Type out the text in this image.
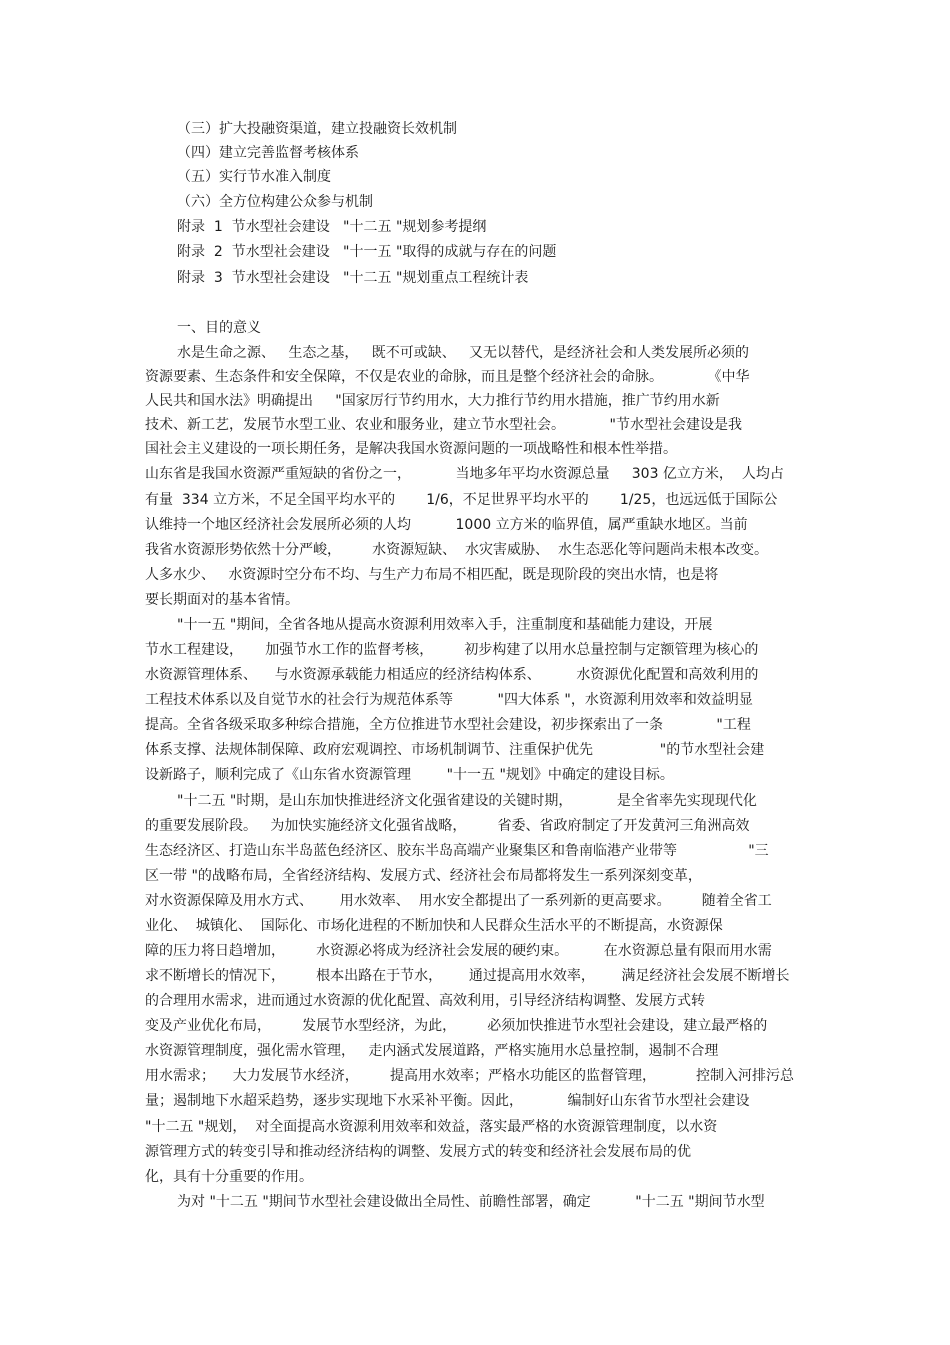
（三）扩大投融资渠道，建立投融资长效机制
（四）建立完善监督考核体系
（五）实行节水准入制度
（六）全方位构建公众参与机制
附录  1  节水型社会建设   "十二五 "规划参考提纲
附录  2  节水型社会建设   "十一五 "取得的成就与存在的问题
附录  3  节水型社会建设   "十二五 "规划重点工程统计表
一、目的意义
水是生命之源、   生态之基，   既不可或缺、   又无以替代，是经济社会和人类发展所必须的
资源要素、生态条件和安全保障，不仅是农业的命脉，而且是整个经济社会的命脉。          《中华
人民共和国水法》明确提出     "国家厉行节约用水，大力推行节约用水措施，推广节约用水新
技术、新工艺，发展节水型工业、农业和服务业，建立节水型社会。          "节水型社会建设是我
国社会主义建设的一项长期任务，是解决我国水资源问题的一项战略性和根本性举措。
山东省是我国水资源严重短缺的省份之一，          当地多年平均水资源总量     303 亿立方米，  人均占
有量  334 立方米，不足全国平均水平的       1/6，不足世界平均水平的       1/25，也远远低于国际公
认维持一个地区经济社会发展所必须的人均          1000 立方米的临界值，属严重缺水地区。当前
我省水资源形势依然十分严峻，       水资源短缺、  水灾害威胁、  水生态恶化等问题尚未根本改变。
人多水少、   水资源时空分布不均、与生产力布局不相匹配，既是现阶段的突出水情，也是将
要长期面对的基本省情。
"十一五 "期间，全省各地从提高水资源利用效率入手，注重制度和基础能力建设，开展
节水工程建设，     加强节水工作的监督考核，       初步构建了以用水总量控制与定额管理为核心的
水资源管理体系、    与水资源承载能力相适应的经济结构体系、        水资源优化配置和高效利用的
工程技术体系以及自觉节水的社会行为规范体系等          "四大体系 "，水资源利用效率和效益明显
提高。全省各级采取多种综合措施，全方位推进节水型社会建设，初步探索出了一条            "工程
体系支撑、法规体制保障、政府宏观调控、市场机制调节、注重保护优先               "的节水型社会建
设新路子，顺利完成了《山东省水资源管理        "十一五 "规划》中确定的建设目标。
"十二五 "时期，是山东加快推进经济文化强省建设的关键时期，          是全省率先实现现代化
的重要发展阶段。   为加快实施经济文化强省战略，       省委、省政府制定了开发黄河三角洲高效
生态经济区、打造山东半岛蓝色经济区、胶东半岛高端产业聚集区和鲁南临港产业带等                "三
区一带 "的战略布局，全省经济结构、发展方式、经济社会布局都将发生一系列深刻变革，
对水资源保障及用水方式、      用水效率、  用水安全都提出了一系列新的更高要求。       随着全省工
业化、  城镇化、  国际化、市场化进程的不断加快和人民群众生活水平的不断提高，水资源保
障的压力将日趋增加，       水资源必将成为经济社会发展的硬约束。        在水资源总量有限而用水需
求不断增长的情况下，       根本出路在于节水，      通过提高用水效率，      满足经济社会发展不断增长
的合理用水需求，进而通过水资源的优化配置、高效利用，引导经济结构调整、发展方式转
变及产业优化布局，       发展节水型经济，为此，       必须加快推进节水型社会建设，建立最严格的
水资源管理制度，强化需水管理，   走内涵式发展道路，严格实施用水总量控制，遏制不合理
用水需求；    大力发展节水经济，       提高用水效率；严格水功能区的监督管理，         控制入河排污总
量；遏制地下水超采趋势，逐步实现地下水采补平衡。因此，          编制好山东省节水型社会建设
"十二五 "规划，  对全面提高水资源利用效率和效益，落实最严格的水资源管理制度，以水资
源管理方式的转变引导和推动经济结构的调整、发展方式的转变和经济社会发展布局的优
化，具有十分重要的作用。
为对 "十二五 "期间节水型社会建设做出全局性、前瞻性部署，确定          "十二五 "期间节水型
